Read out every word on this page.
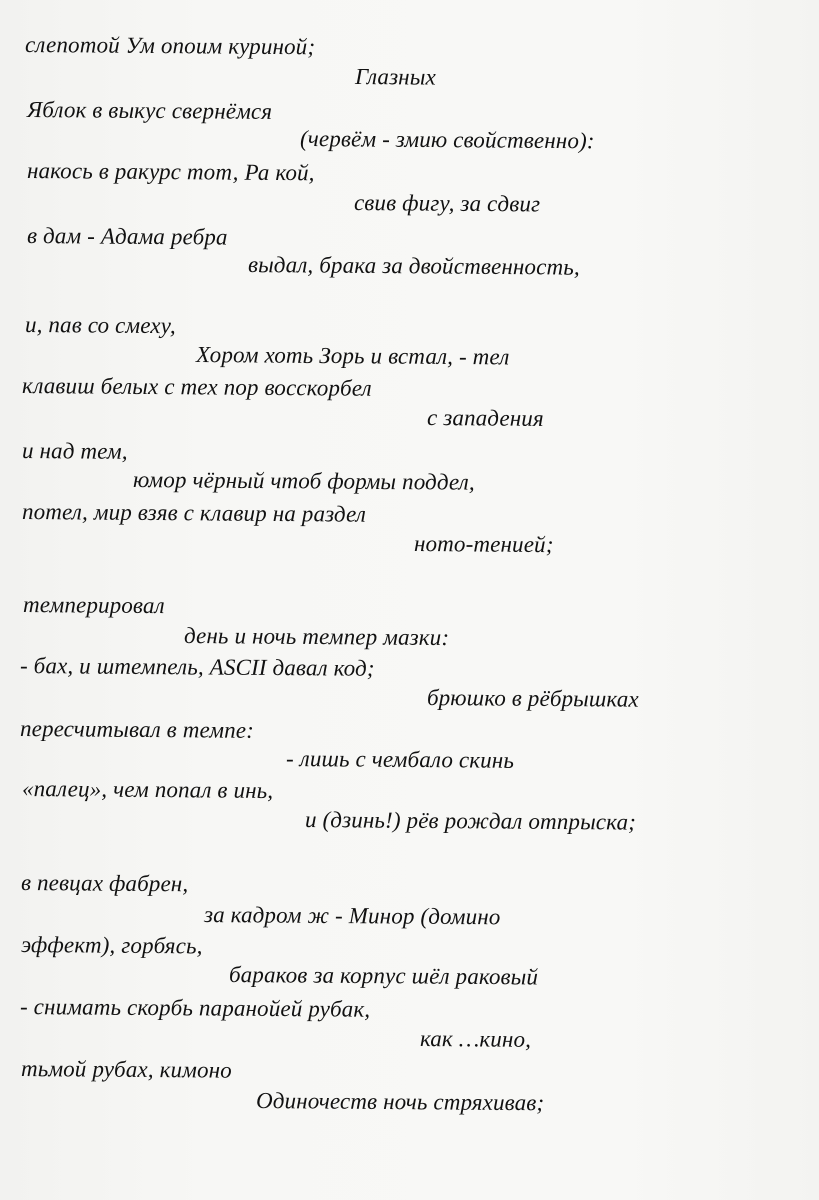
слепотой Ум опоим куриной;

Глазных

Яблок в выкус свернёмся

(червём - змию свойственно):

накось в ракурс тот, Ра кой,

свив фигу, за сдвиг

в дам - Адама ребра

выдал, брака за двойственность,

и, пав со смеху,

Хором хоть Зорь и встал, - тел

клавиш белых с тех пор восскорбел

с западения

и над тем,

юмор чёрный чтоб формы поддел,

потел, мир взяв с клавир на раздел

ното-тенией;

темперировал

день и ночь темпер мазки:

- бах, и штемпель, ASCII давал код;

брюшко в рёбрышках

пересчитывал в темпе:

- лишь с чембало скинь

«палец», чем попал в инь,

и (дзинь!) рёв рождал отпрыска;

в певцах фабрен,

за кадром ж - Минор (домино

эффект), горбясь,

бараков за корпус шёл раковый

- снимать скорбь паранойей рубак,

как …кино,

тьмой рубах, кимоно

Одиночеств ночь стряхивав;
